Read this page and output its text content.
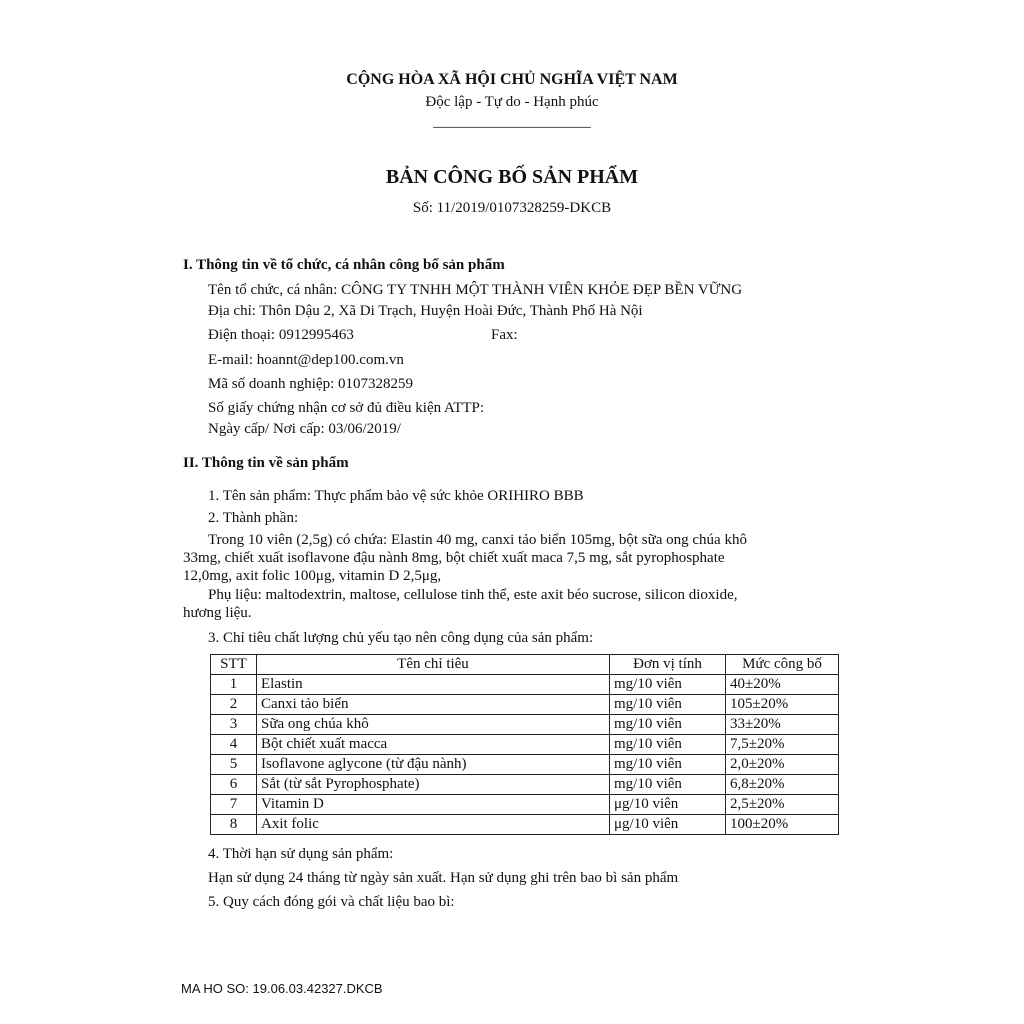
CỘNG HÒA XÃ HỘI CHỦ NGHĨA VIỆT NAM
Độc lập - Tự do - Hạnh phúc
_____________________
BẢN CÔNG BỐ SẢN PHẨM
Số: 11/2019/0107328259-DKCB
I. Thông tin về tổ chức, cá nhân công bố sản phẩm
Tên tổ chức, cá nhân: CÔNG TY TNHH MỘT THÀNH VIÊN KHỎE ĐẸP BỀN VỮNG
Địa chỉ: Thôn Dậu 2, Xã Di Trạch, Huyện Hoài Đức, Thành Phố Hà Nội
Điện thoại: 0912995463	Fax:
E-mail: hoannt@dep100.com.vn
Mã số doanh nghiệp: 0107328259
Số giấy chứng nhận cơ sở đủ điều kiện ATTP:
Ngày cấp/ Nơi cấp: 03/06/2019/
II. Thông tin về sản phẩm
1. Tên sản phẩm: Thực phẩm bảo vệ sức khỏe ORIHIRO BBB
2. Thành phần:
Trong 10 viên (2,5g) có chứa: Elastin 40 mg, canxi tảo biển 105mg, bột sữa ong chúa khô
33mg, chiết xuất isoflavone đậu nành 8mg, bột chiết xuất maca 7,5 mg, sắt pyrophosphate
12,0mg, axit folic 100μg, vitamin D 2,5μg,
Phụ liệu: maltodextrin, maltose, cellulose tinh thể, este axit béo sucrose, silicon dioxide,
hương liệu.
3. Chỉ tiêu chất lượng chủ yếu tạo nên công dụng của sản phẩm:
STT	Tên chỉ tiêu	Đơn vị tính	Mức công bố
1	Elastin	mg/10 viên	40±20%
2	Canxi tảo biển	mg/10 viên	105±20%
3	Sữa ong chúa khô	mg/10 viên	33±20%
4	Bột chiết xuất macca	mg/10 viên	7,5±20%
5	Isoflavone aglycone (từ đậu nành)	mg/10 viên	2,0±20%
6	Sắt (từ sắt Pyrophosphate)	mg/10 viên	6,8±20%
7	Vitamin D	μg/10 viên	2,5±20%
8	Axit folic	μg/10 viên	100±20%
4. Thời hạn sử dụng sản phẩm:
Hạn sử dụng 24 tháng từ ngày sản xuất. Hạn sử dụng ghi trên bao bì sản phẩm
5. Quy cách đóng gói và chất liệu bao bì:
MA HO SO: 19.06.03.42327.DKCB
